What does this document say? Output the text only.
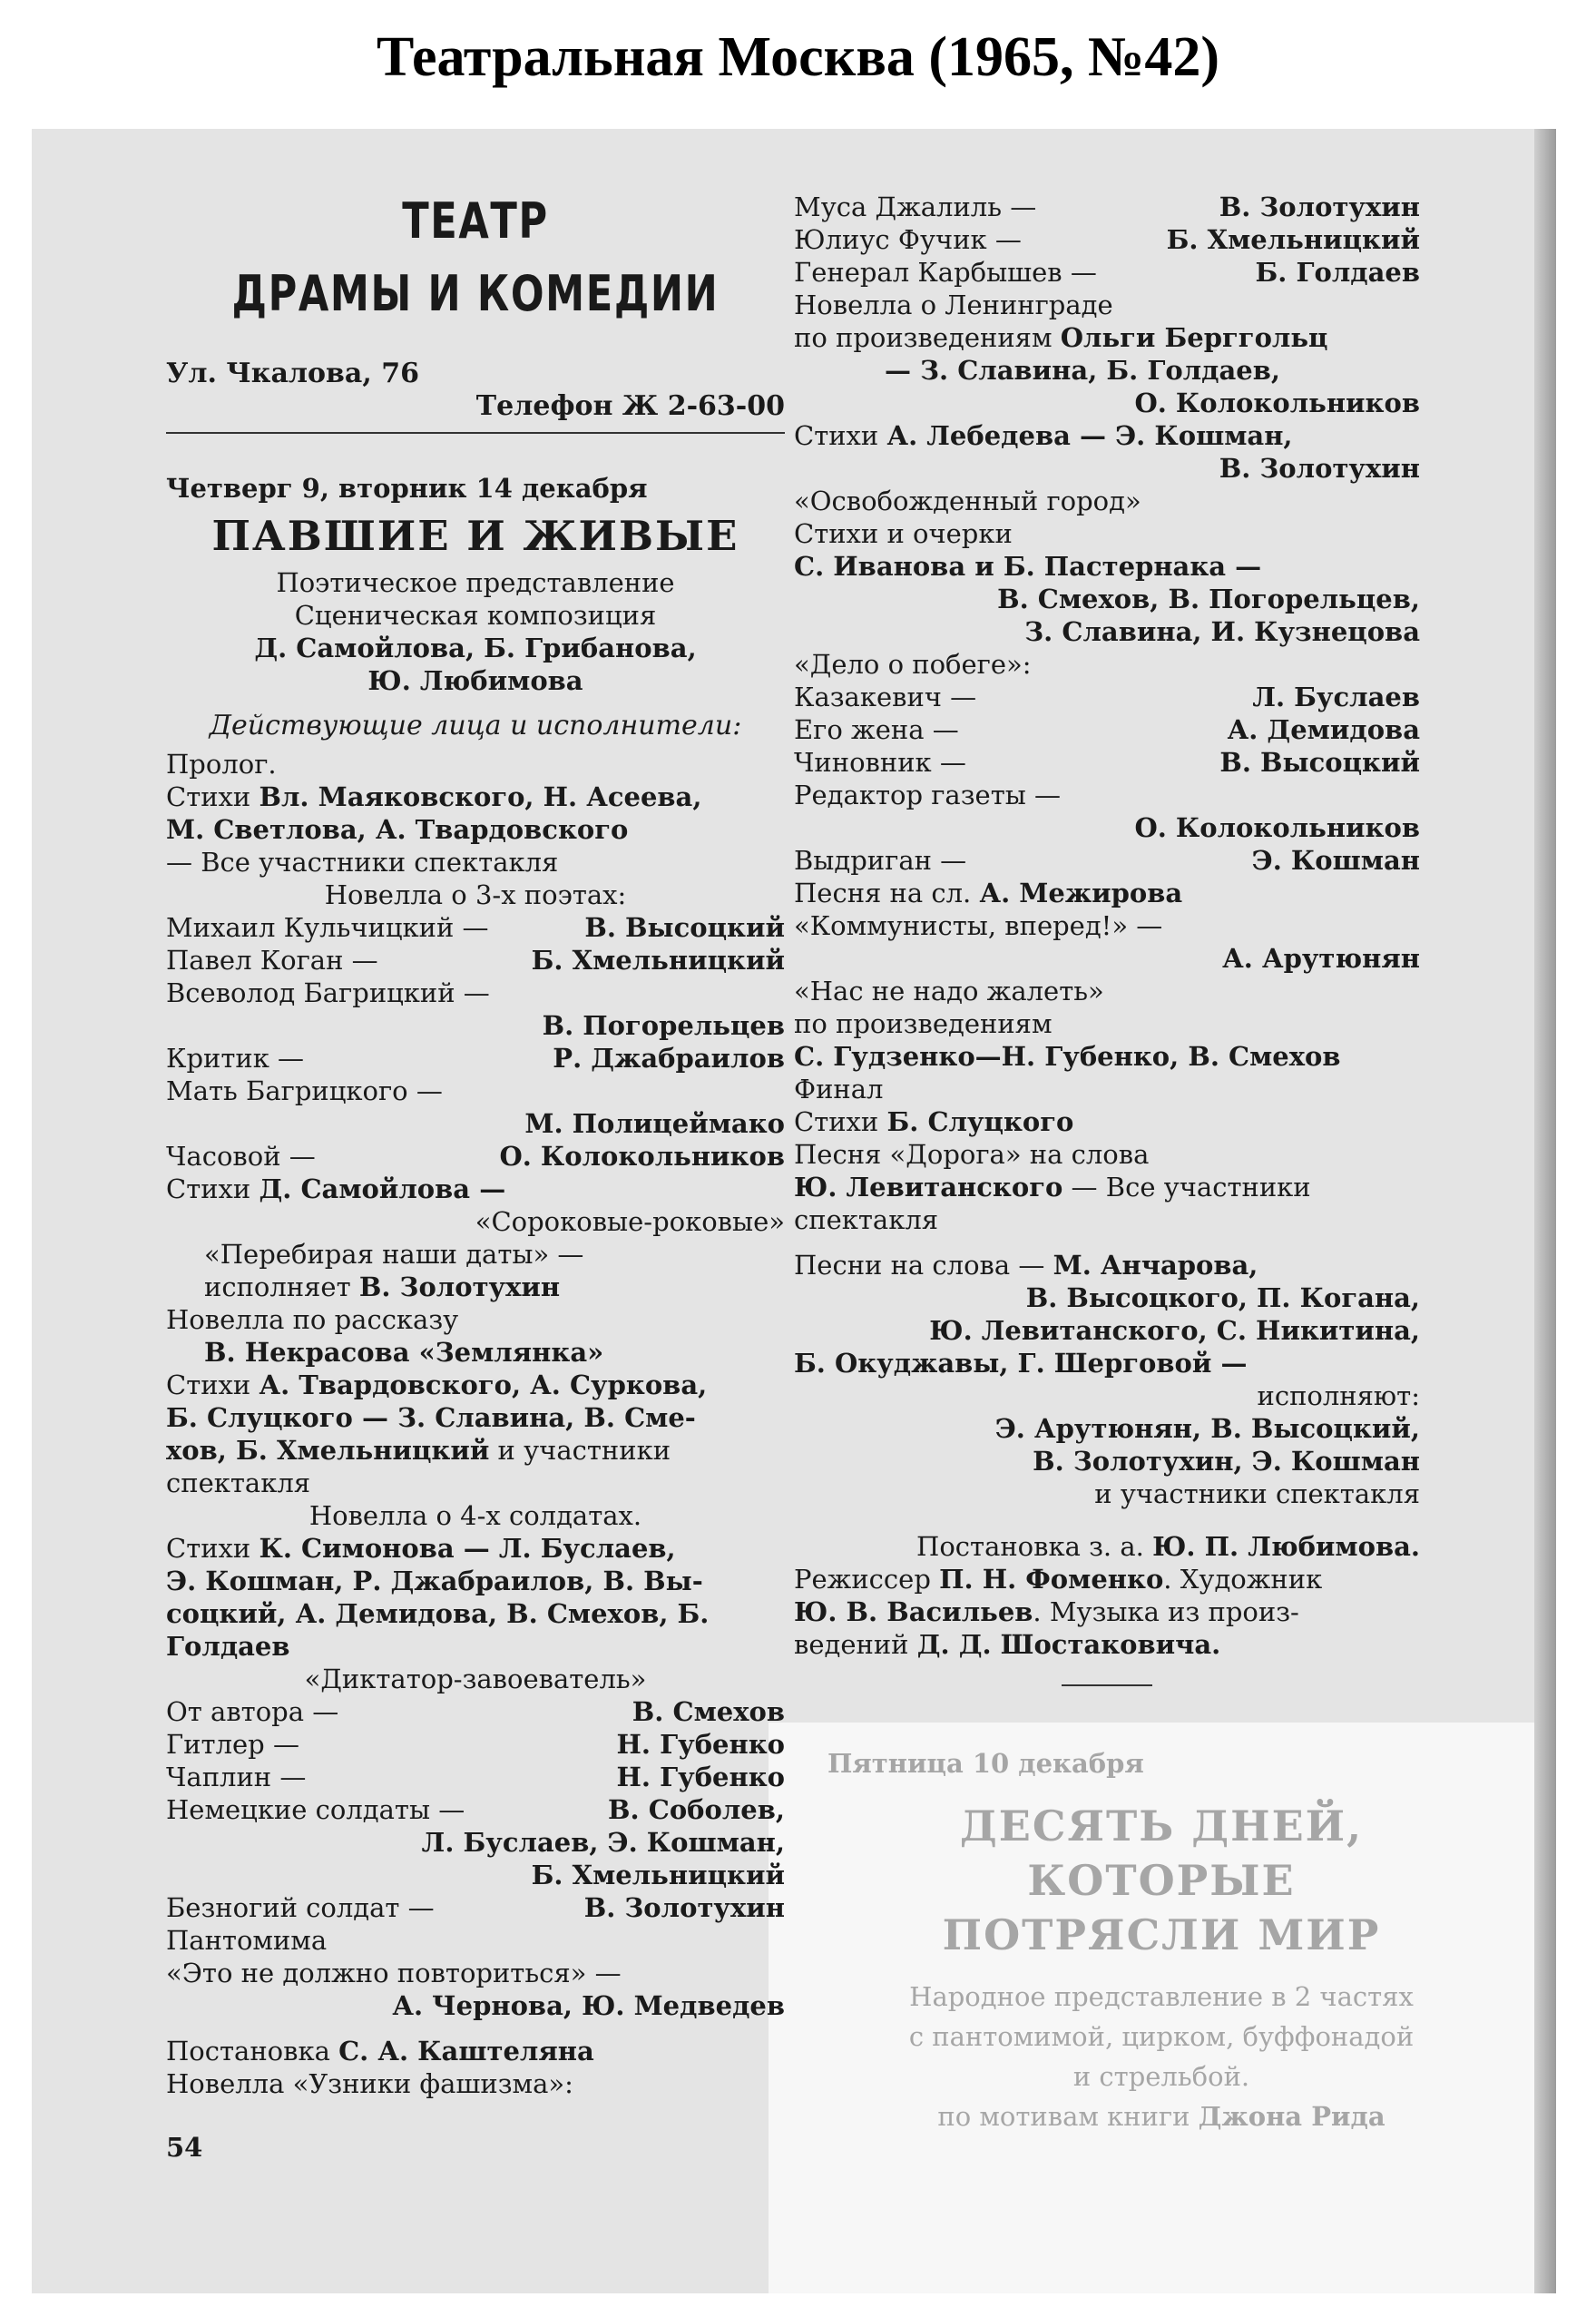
Театральная Москва (1965, №42)
ТЕАТР
ДРАМЫ И КОМЕДИИ
Ул. Чкалова, 76
Телефон Ж 2-63-00
Четверг 9, вторник 14 декабря
ПАВШИЕ И ЖИВЫЕ
Поэтическое представление
Сценическая композиция
Д. Самойлова, Б. Грибанова,
Ю. Любимова
Действующие лица и исполнители:
Пролог.
Стихи Вл. Маяковского, Н. Асеева,
М. Светлова, А. Твардовского
— Все участники спектакля
Новелла о 3-х поэтах:
Михаил Кульчицкий —	В. Высоцкий
Павел Коган —	Б. Хмельницкий
Всеволод Багрицкий —
В. Погорельцев
Критик —	Р. Джабраилов
Мать Багрицкого —
М. Полицеймако
Часовой —	О. Колокольников
Стихи Д. Самойлова —
«Сороковые-роковые»
«Перебирая наши даты» —
исполняет В. Золотухин
Новелла по рассказу
В. Некрасова «Землянка»
Стихи А. Твардовского, А. Суркова,
Б. Слуцкого — З. Славина, В. Сме-
хов, Б. Хмельницкий и участники
спектакля
Новелла о 4-х солдатах.
Стихи К. Симонова — Л. Буслаев,
Э. Кошман, Р. Джабраилов, В. Вы-
соцкий, А. Демидова, В. Смехов, Б.
Голдаев
«Диктатор-завоеватель»
От автора —	В. Смехов
Гитлер —	Н. Губенко
Чаплин —	Н. Губенко
Немецкие солдаты —	В. Соболев,
Л. Буслаев, Э. Кошман,
Б. Хмельницкий
Безногий солдат —	В. Золотухин
Пантомима
«Это не должно повториться» —
А. Чернова, Ю. Медведев
Постановка С. А. Каштеляна
Новелла «Узники фашизма»:
54
Муса Джалиль —	В. Золотухин
Юлиус Фучик —	Б. Хмельницкий
Генерал Карбышев —	Б. Голдаев
Новелла о Ленинграде
по произведениям Ольги Берггольц
— З. Славина, Б. Голдаев,
О. Колокольников
Стихи А. Лебедева — Э. Кошман,
В. Золотухин
«Освобожденный город»
Стихи и очерки
С. Иванова и Б. Пастернака —
В. Смехов, В. Погорельцев,
З. Славина, И. Кузнецова
«Дело о побеге»:
Казакевич —	Л. Буслаев
Его жена —	А. Демидова
Чиновник —	В. Высоцкий
Редактор газеты —
О. Колокольников
Выдриган —	Э. Кошман
Песня на сл. А. Межирова
«Коммунисты, вперед!» —
А. Арутюнян
«Нас не надо жалеть»
по произведениям
С. Гудзенко—Н. Губенко, В. Смехов
Финал
Стихи Б. Слуцкого
Песня «Дорога» на слова
Ю. Левитанского — Все участники
спектакля
Песни на слова — М. Анчарова,
В. Высоцкого, П. Когана,
Ю. Левитанского, С. Никитина,
Б. Окуджавы, Г. Шерговой —
исполняют:
Э. Арутюнян, В. Высоцкий,
В. Золотухин, Э. Кошман
и участники спектакля
Постановка з. а. Ю. П. Любимова.
Режиссер П. Н. Фоменко. Художник
Ю. В. Васильев. Музыка из произ-
ведений Д. Д. Шостаковича.
Пятница 10 декабря
ДЕСЯТЬ ДНЕЙ,
КОТОРЫЕ
ПОТРЯСЛИ МИР
Народное представление в 2 частях
с пантомимой, цирком, буффонадой
и стрельбой.
по мотивам книги Джона Рида
